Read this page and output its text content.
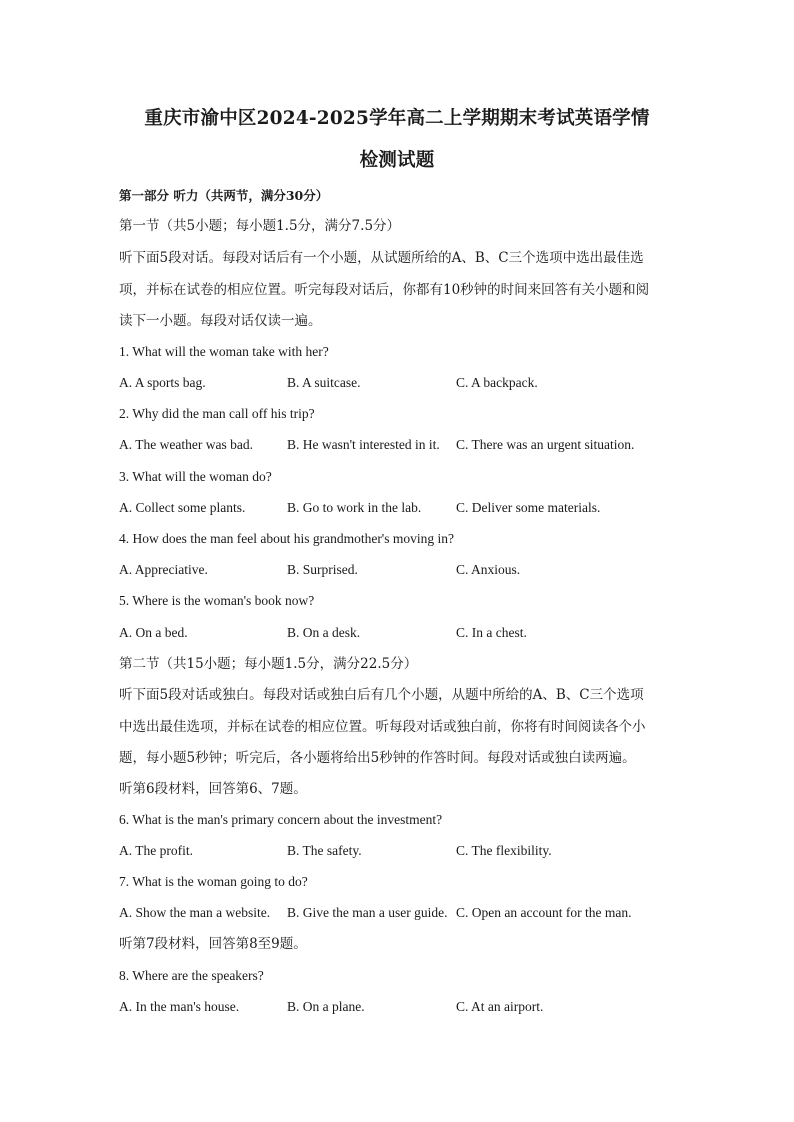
重庆市渝中区2024-2025学年高二上学期期末考试英语学情
检测试题
第一部分 听力（共两节，满分30分）
第一节（共5小题；每小题1.5分，满分7.5分）
听下面5段对话。每段对话后有一个小题，从试题所给的A、B、C三个选项中选出最佳选
项，并标在试卷的相应位置。听完每段对话后，你都有10秒钟的时间来回答有关小题和阅
读下一小题。每段对话仅读一遍。
1. What will the woman take with her?
A. A sports bag.	B. A suitcase.	C. A backpack.
2. Why did the man call off his trip?
A. The weather was bad.	B. He wasn't interested in it. C. There was an urgent situation.
3. What will the woman do?
A. Collect some plants.	B. Go to work in the lab.	C. Deliver some materials.
4. How does the man feel about his grandmother's moving in?
A. Appreciative.	B. Surprised.	C. Anxious.
5. Where is the woman's book now?
A. On a bed.	B. On a desk.	C. In a chest.
第二节（共15小题；每小题1.5分，满分22.5分）
听下面5段对话或独白。每段对话或独白后有几个小题，从题中所给的A、B、C三个选项
中选出最佳选项，并标在试卷的相应位置。听每段对话或独白前，你将有时间阅读各个小
题，每小题5秒钟；听完后，各小题将给出5秒钟的作答时间。每段对话或独白读两遍。
听第6段材料，回答第6、7题。
6. What is the man's primary concern about the investment?
A. The profit.	B. The safety.	C. The flexibility.
7. What is the woman going to do?
A. Show the man a website. B. Give the man a user guide. C. Open an account for the man.
听第7段材料，回答第8至9题。
8. Where are the speakers?
A. In the man's house.	B. On a plane.	C. At an airport.
